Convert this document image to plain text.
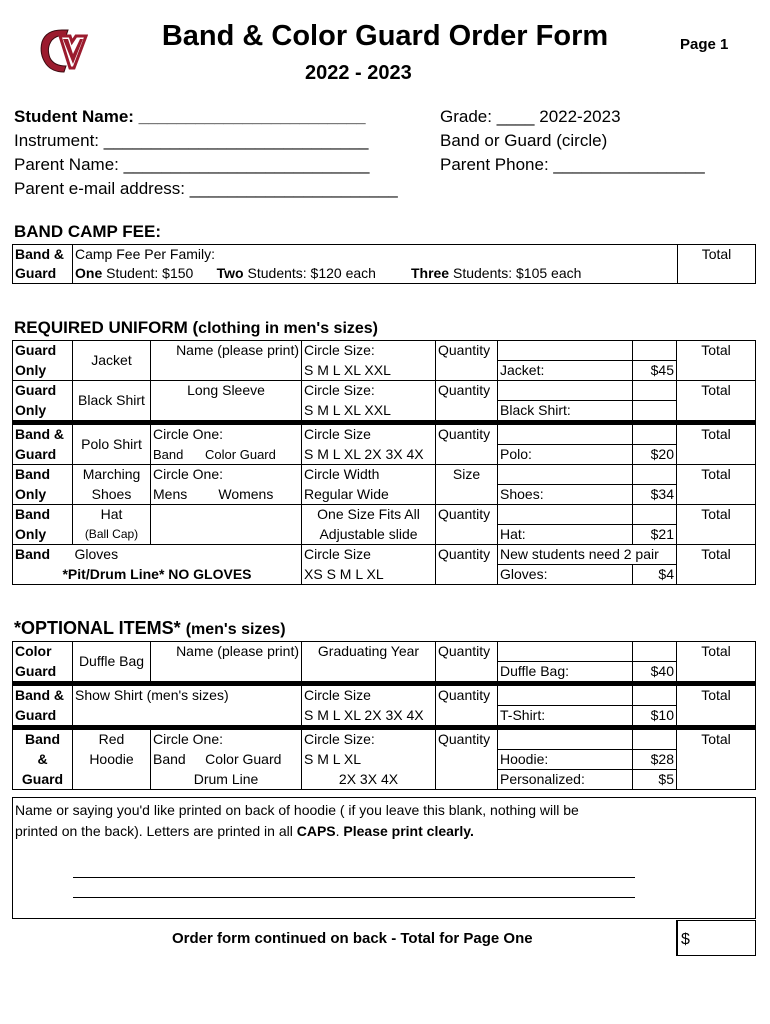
Band & Color Guard Order Form	Page 1
2022 - 2023
Student Name: ________________________
Instrument: ____________________________
Parent Name: __________________________
Parent e-mail address: ______________________
Grade: ____ 2022-2023
Band or Guard (circle)
Parent Phone: ________________
BAND CAMP FEE:
Band &	Camp Fee Per Family:	Total
Guard	One Student: $150 Two Students: $120 each Three Students: $105 each	
REQUIRED UNIFORM (clothing in men's sizes)
Guard	Jacket	Name (please print)	Circle Size:	Quantity			Total
Only			S M L XL XXL		Jacket:	$45	
Guard	Black Shirt	Long Sleeve	Circle Size:	Quantity			Total
Only			S M L XL XXL		Black Shirt:		
Band &	Polo Shirt	Circle One:	Circle Size	Quantity			Total
Guard		Band Color Guard	S M L XL 2X 3X 4X		Polo:	$20	
Band	Marching	Circle One:	Circle Width	Size			Total
Only	Shoes	Mens Womens	Regular Wide		Shoes:	$34	
Band	Hat		One Size Fits All	Quantity			Total
Only	(Ball Cap)		Adjustable slide		Hat:	$21	
Band	Gloves		Circle Size	Quantity	New students need 2 pair		Total
*Pit/Drum Line* NO GLOVES			XS S M L XL		Gloves:	$4	
*OPTIONAL ITEMS* (men's sizes)
Color	Duffle Bag	Name (please print)	Graduating Year	Quantity			Total
Guard					Duffle Bag:	$40	
Band &	Show Shirt (men's sizes)		Circle Size	Quantity			Total
Guard			S M L XL 2X 3X 4X		T-Shirt:	$10	
Band	Red	Circle One:	Circle Size:	Quantity			Total
&	Hoodie	Band Color Guard	S M L XL		Hoodie:	$28	
Guard		Drum Line	2X 3X 4X		Personalized:	$5	
Name or saying you'd like printed on back of hoodie ( if you leave this blank, nothing will be
printed on the back). Letters are printed in all CAPS. Please print clearly.
Order form continued on back - Total for Page One	$
